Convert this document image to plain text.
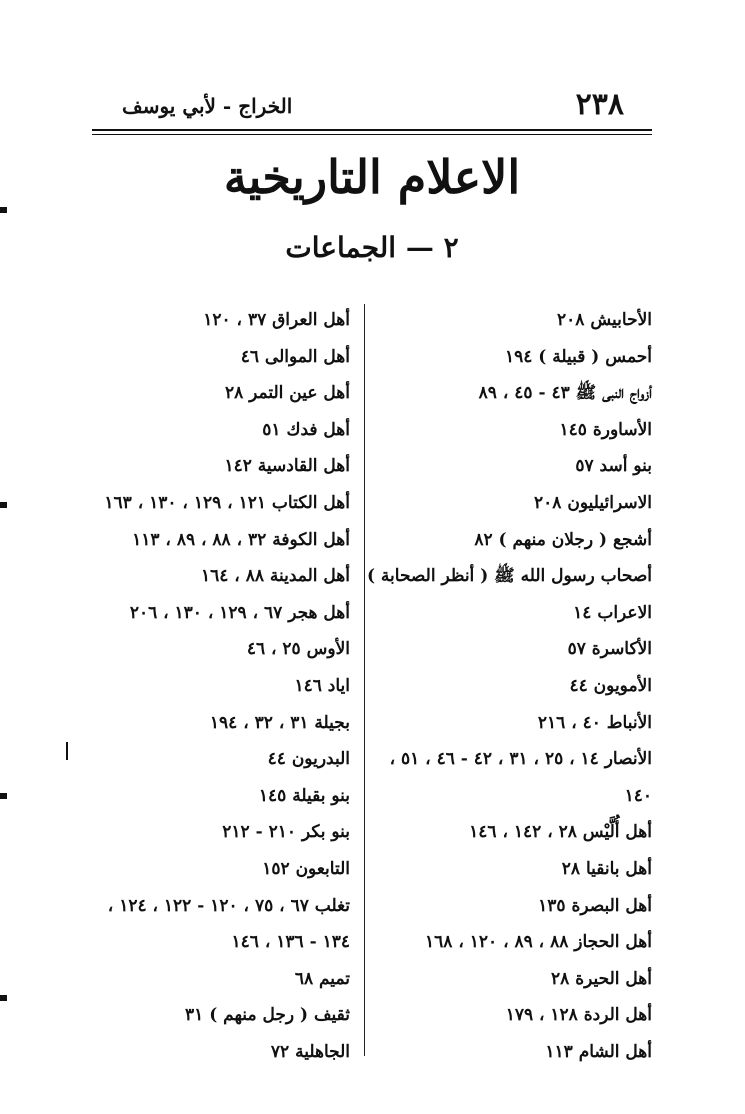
٢٣٨
الخراج - لأبي يوسف
الاعلام التاريخية
٢ — الجماعات
الأحابيش ٢٠٨
أحمس ( قبيلة ) ١٩٤
أزواج النبى ﷺ ٤٣ - ٤٥ ، ٨٩
الأساورة ١٤٥
بنو أسد ٥٧
الاسرائيليون ٢٠٨
أشجع ( رجلان منهم ) ٨٢
أصحاب رسول الله ﷺ ( أنظر الصحابة )
الاعراب ١٤
الأكاسرة ٥٧
الأمويون ٤٤
الأنباط ٤٠ ، ٢١٦
الأنصار ١٤ ، ٢٥ ، ٣١ ، ٤٢ - ٤٦ ، ٥١ ،
١٤٠
أهل أُلَّيْس ٢٨ ، ١٤٢ ، ١٤٦
أهل بانقيا ٢٨
أهل البصرة ١٣٥
أهل الحجاز ٨٨ ، ٨٩ ، ١٢٠ ، ١٦٨
أهل الحيرة ٢٨
أهل الردة ١٢٨ ، ١٧٩
أهل الشام ١١٣
أهل العراق ٣٧ ، ١٢٠
أهل الموالى ٤٦
أهل عين التمر ٢٨
أهل فدك ٥١
أهل القادسية ١٤٢
أهل الكتاب ١٢١ ، ١٢٩ ، ١٣٠ ، ١٦٣
أهل الكوفة ٣٢ ، ٨٨ ، ٨٩ ، ١١٣
أهل المدينة ٨٨ ، ١٦٤
أهل هجر ٦٧ ، ١٢٩ ، ١٣٠ ، ٢٠٦
الأوس ٢٥ ، ٤٦
اياد ١٤٦
بجيلة ٣١ ، ٣٢ ، ١٩٤
البدريون ٤٤
بنو بقيلة ١٤٥
بنو بكر ٢١٠ - ٢١٢
التابعون ١٥٢
تغلب ٦٧ ، ٧٥ ، ١٢٠ - ١٢٢ ، ١٢٤ ،
١٣٤ - ١٣٦ ، ١٤٦
تميم ٦٨
ثقيف ( رجل منهم ) ٣١
الجاهلية ٧٢
